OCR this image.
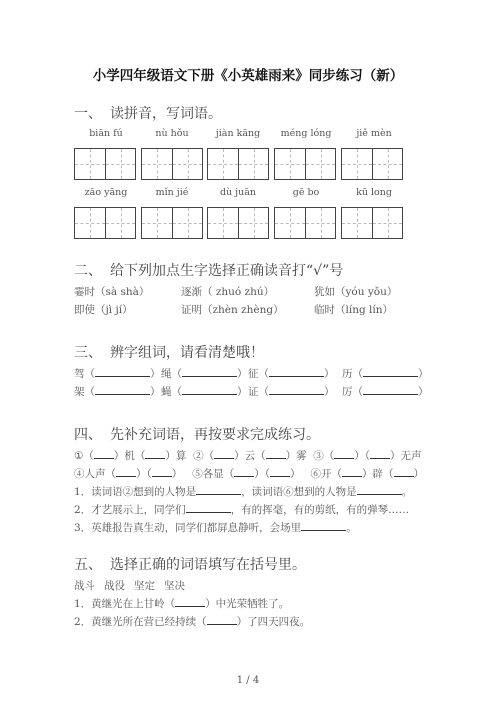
小学四年级语文下册《小英雄雨来》同步练习（新）
一、 读拼音，写词语。
biān fú	nù hǒu	jiàn kāng	méng lóng	jiě mèn
zāo yāng	mǐn jié	dù juān	gē bo	kū long
二、 给下列加点生字选择正确读音打“√”号
霎时（sà shà）	逐渐（ zhuó zhú）	犹如（yóu yǒu）
即使（jì jí）	证明（zhèn zhèng）	临时（líng lín）
三、 辨字组词，请看清楚哦！
驾（	） 绳（	） 征（	） 历（	）
架（	） 蝇（	） 证（	） 厉（	）
四、 先补充词语，再按要求完成练习。
①（ ）机（ ）算 ②（ ）云（ ）雾 ③（ ）（ ）无声
④人声（ ）（ ） ⑤各显（ ）（ ） ⑥开（ ）辟（ ）
1．读词语②想到的人物是	，读词语⑥想到的人物是	。
2．才艺展示上，同学们	，有的挥毫，有的剪纸，有的弹琴……
3．英雄报告真生动，同学们都屏息静听，会场里	。
五、 选择正确的词语填写在括号里。
战斗 战役 坚定 坚决
1．黄继光在上甘岭（	）中光荣牺牲了。
2．黄继光所在营已经持续（	）了四天四夜。
1 / 4
